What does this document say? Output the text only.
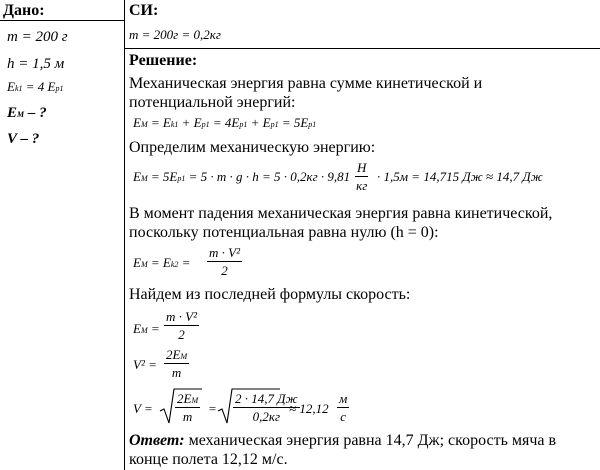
Дано:
m = 200 г
h = 1,5 м
Ek1 = 4 Ep1
EM – ?
V – ?
СИ:
m = 200г = 0,2кг
Решение:
Механическая энергия равна сумме кинетической и
потенциальной энергий:
EM = Ek1 + Ep1 = 4Ep1 + Ep1 = 5Ep1
Определим механическую энергию:
EM = 5Ep1 = 5 · m · g · h = 5 · 0,2кг · 9,81
H
кг
· 1,5м = 14,715 Дж ≈ 14,7 Дж
В момент падения механическая энергия равна кинетической,
поскольку потенциальная равна нулю (h = 0):
EM = Ek2 =
m · V²
2
Найдем из последней формулы скорость:
EM =
m · V²
2
V² =
2EM
m
V =
2EM
m
=
2 · 14,7 Дж
0,2кг
≈ 12,12
м
с
Ответ: механическая энергия равна 14,7 Дж; скорость мяча в
конце полета 12,12 м/с.
